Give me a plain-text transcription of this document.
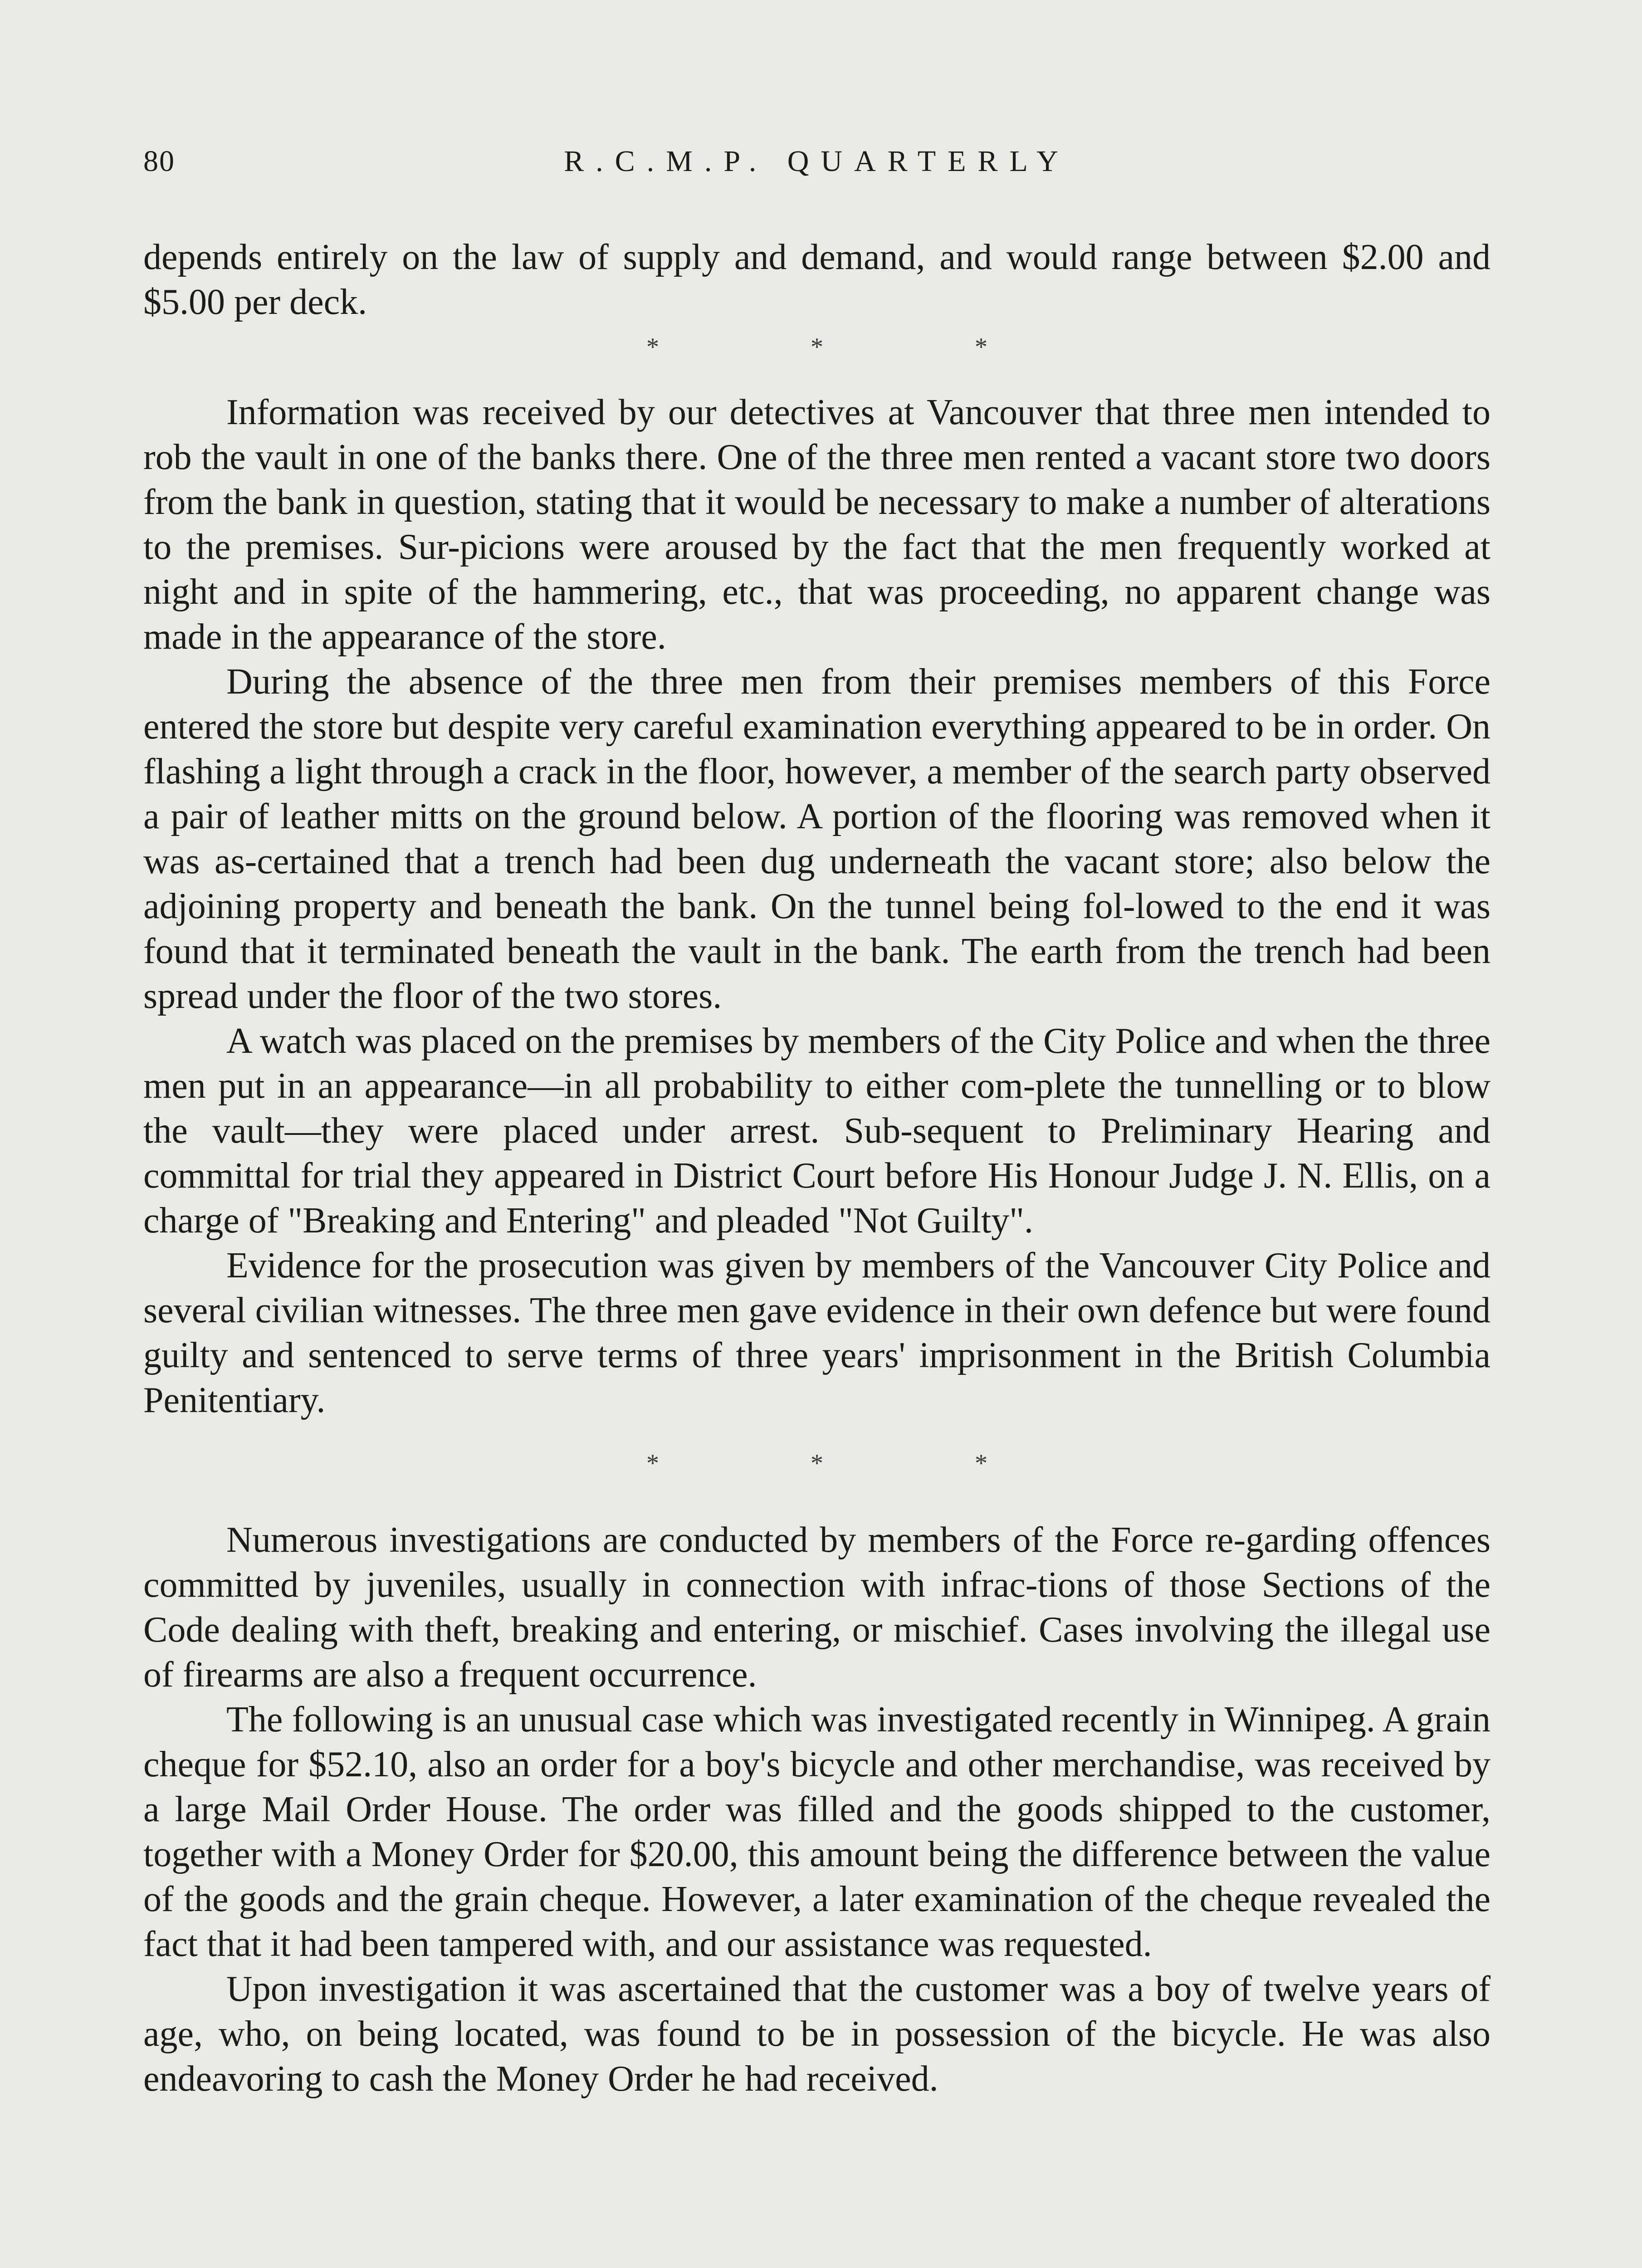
80	R.C.M.P. QUARTERLY

depends entirely on the law of supply and demand, and would range between $2.00 and $5.00 per deck.

* * *

Information was received by our detectives at Vancouver that three men intended to rob the vault in one of the banks there. One of the three men rented a vacant store two doors from the bank in question, stating that it would be necessary to make a number of alterations to the premises. Sur-picions were aroused by the fact that the men frequently worked at night and in spite of the hammering, etc., that was proceeding, no apparent change was made in the appearance of the store.

During the absence of the three men from their premises members of this Force entered the store but despite very careful examination everything appeared to be in order. On flashing a light through a crack in the floor, however, a member of the search party observed a pair of leather mitts on the ground below. A portion of the flooring was removed when it was as-certained that a trench had been dug underneath the vacant store; also below the adjoining property and beneath the bank. On the tunnel being fol-lowed to the end it was found that it terminated beneath the vault in the bank. The earth from the trench had been spread under the floor of the two stores.

A watch was placed on the premises by members of the City Police and when the three men put in an appearance—in all probability to either com-plete the tunnelling or to blow the vault—they were placed under arrest. Sub-sequent to Preliminary Hearing and committal for trial they appeared in District Court before His Honour Judge J. N. Ellis, on a charge of "Breaking and Entering" and pleaded "Not Guilty".

Evidence for the prosecution was given by members of the Vancouver City Police and several civilian witnesses. The three men gave evidence in their own defence but were found guilty and sentenced to serve terms of three years' imprisonment in the British Columbia Penitentiary.

* * *

Numerous investigations are conducted by members of the Force re-garding offences committed by juveniles, usually in connection with infrac-tions of those Sections of the Code dealing with theft, breaking and entering, or mischief. Cases involving the illegal use of firearms are also a frequent occurrence.

The following is an unusual case which was investigated recently in Winnipeg. A grain cheque for $52.10, also an order for a boy's bicycle and other merchandise, was received by a large Mail Order House. The order was filled and the goods shipped to the customer, together with a Money Order for $20.00, this amount being the difference between the value of the goods and the grain cheque. However, a later examination of the cheque revealed the fact that it had been tampered with, and our assistance was requested.

Upon investigation it was ascertained that the customer was a boy of twelve years of age, who, on being located, was found to be in possession of the bicycle. He was also endeavoring to cash the Money Order he had received.
